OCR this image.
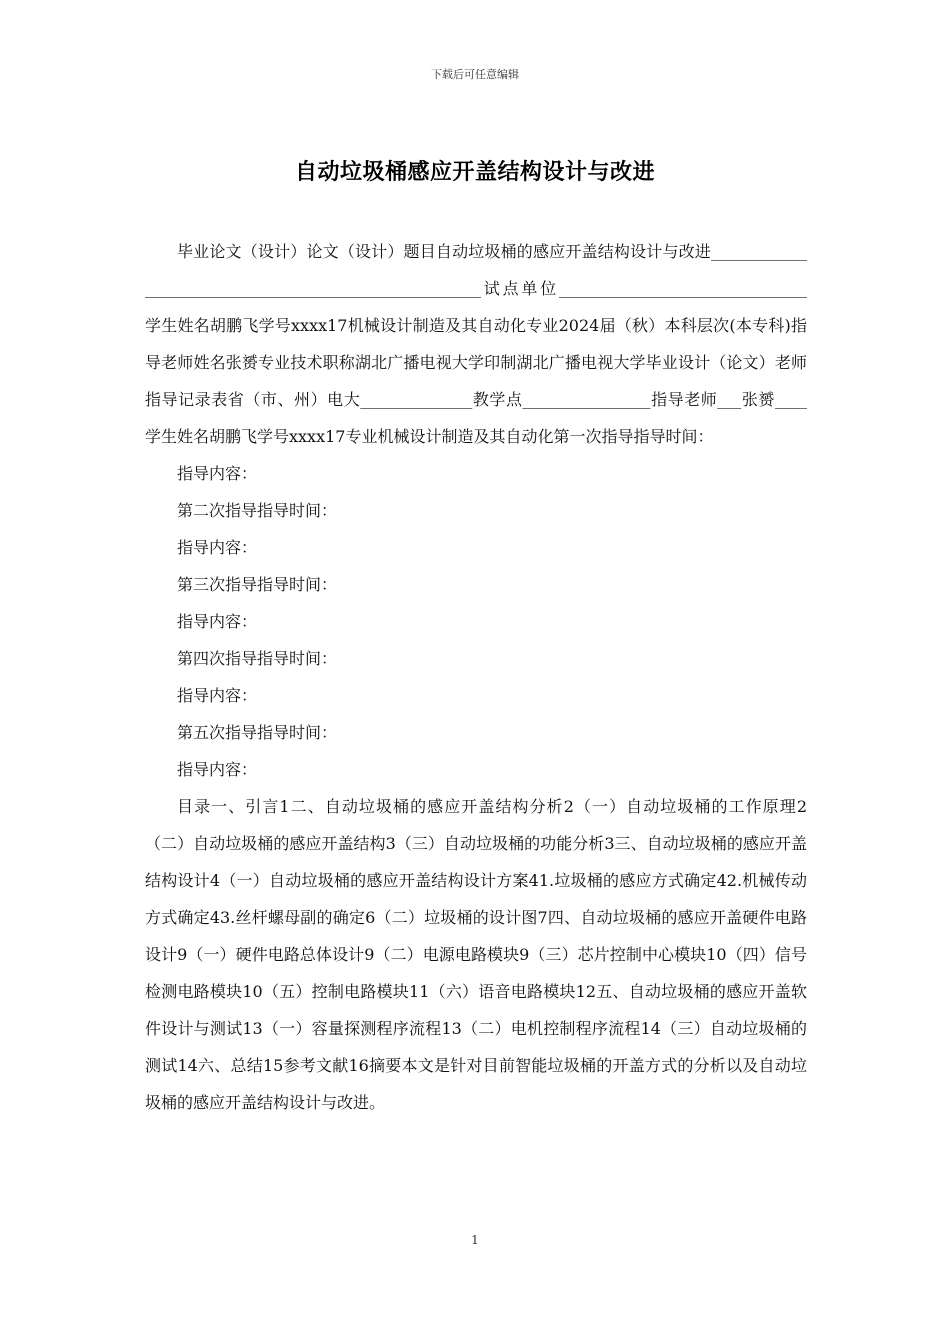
下载后可任意编辑
自动垃圾桶感应开盖结构设计与改进

毕业论文（设计）论文（设计）题目自动垃圾桶的感应开盖结构设计与改进______________________________________________________试点单位_______________________________学生姓名胡鹏飞学号xxxx17机械设计制造及其自动化专业2024届（秋）本科层次(本专科)指导老师姓名张赟专业技术职称湖北广播电视大学印制湖北广播电视大学毕业设计（论文）老师指导记录表省（市、州）电大______________教学点________________指导老师___张赟____学生姓名胡鹏飞学号xxxx17专业机械设计制造及其自动化第一次指导指导时间：

指导内容：

第二次指导指导时间：

指导内容：

第三次指导指导时间：

指导内容：

第四次指导指导时间：

指导内容：

第五次指导指导时间：

指导内容：

目录一、引言1二、自动垃圾桶的感应开盖结构分析2（一）自动垃圾桶的工作原理2（二）自动垃圾桶的感应开盖结构3（三）自动垃圾桶的功能分析3三、自动垃圾桶的感应开盖结构设计4（一）自动垃圾桶的感应开盖结构设计方案41.垃圾桶的感应方式确定42.机械传动方式确定43.丝杆螺母副的确定6（二）垃圾桶的设计图7四、自动垃圾桶的感应开盖硬件电路设计9（一）硬件电路总体设计9（二）电源电路模块9（三）芯片控制中心模块10（四）信号检测电路模块10（五）控制电路模块11（六）语音电路模块12五、自动垃圾桶的感应开盖软件设计与测试13（一）容量探测程序流程13（二）电机控制程序流程14（三）自动垃圾桶的测试14六、总结15参考文献16摘要本文是针对目前智能垃圾桶的开盖方式的分析以及自动垃圾桶的感应开盖结构设计与改进。

1
